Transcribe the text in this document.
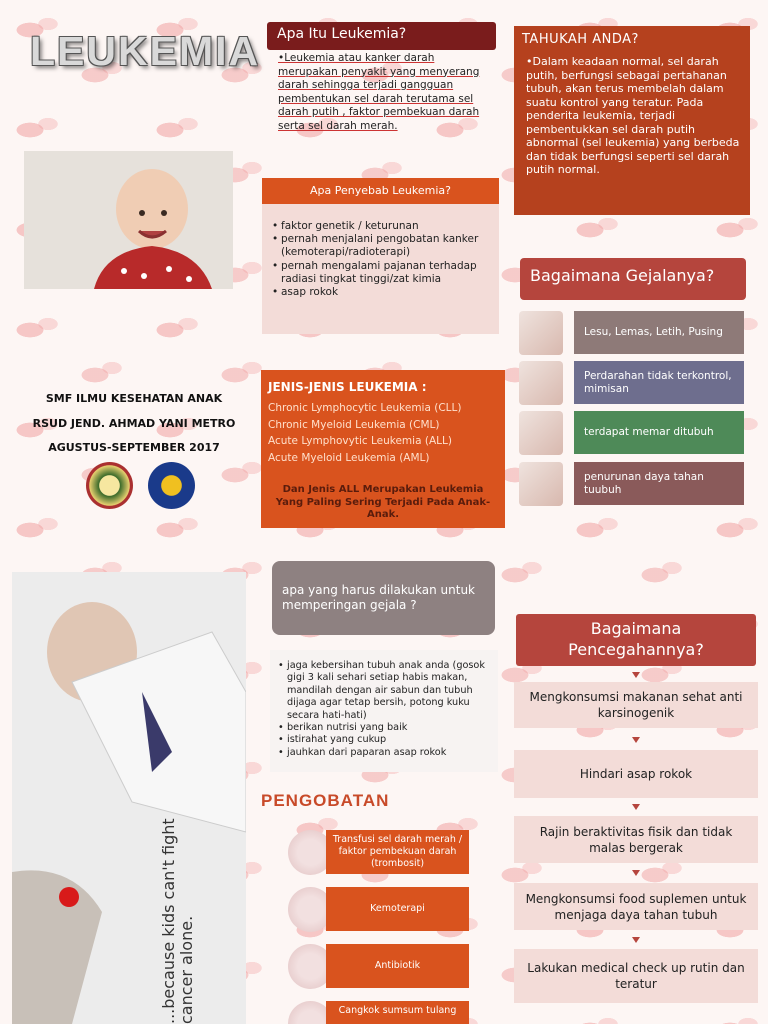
LEUKEMIA	Apa Itu Leukemia?
•Leukemia atau kanker darah merupakan penyakit yang menyerang darah sehingga terjadi gangguan pembentukan sel darah terutama sel darah putih , faktor pembekuan darah serta sel darah merah.
TAHUKAH ANDA?

•Dalam keadaan normal, sel darah putih, berfungsi sebagai pertahanan tubuh, akan terus membelah dalam suatu kontrol yang teratur. Pada penderita leukemia, terjadi pembentukkan sel darah putih abnormal (sel leukemia) yang berbeda dan tidak berfungsi seperti sel darah putih normal.

Apa Penyebab Leukemia?
• faktor genetik / keturunan
• pernah menjalani pengobatan kanker (kemoterapi/radioterapi)
• pernah mengalami pajanan terhadap radiasi tingkat tinggi/zat kimia
• asap rokok
Bagaimana Gejalanya?
Lesu, Lemas, Letih, Pusing
Perdarahan tidak terkontrol, mimisan
terdapat memar ditubuh
penurunan daya tahan tuubuh
SMF ILMU KESEHATAN ANAK
RSUD JEND. AHMAD YANI METRO
AGUSTUS-SEPTEMBER 2017
JENIS-JENIS LEUKEMIA :
Chronic Lymphocytic Leukemia (CLL)
Chronic Myeloid Leukemia (CML)
Acute Lymphovytic Leukemia (ALL)
Acute Myeloid Leukemia (AML)
Dan Jenis ALL Merupakan Leukemia Yang Paling Sering Terjadi Pada Anak- Anak.
...because kids can't fight cancer alone.
apa yang harus dilakukan untuk memperingan gejala ?
• jaga kebersihan tubuh anak anda (gosok gigi 3 kali sehari setiap habis makan, mandilah dengan air sabun dan tubuh dijaga agar tetap bersih, potong kuku secara hati-hati)
• berikan nutrisi yang baik
• istirahat yang cukup
• jauhkan dari paparan asap rokok
PENGOBATAN
Transfusi sel darah merah / faktor pembekuan darah (trombosit)
Kemoterapi
Antibiotik
Cangkok sumsum tulang
Bagaimana Pencegahannya?
Mengkonsumsi makanan sehat anti karsinogenik
Hindari asap rokok
Rajin beraktivitas fisik dan tidak malas bergerak
Mengkonsumsi food suplemen untuk menjaga daya tahan tubuh
Lakukan medical check up rutin dan teratur
